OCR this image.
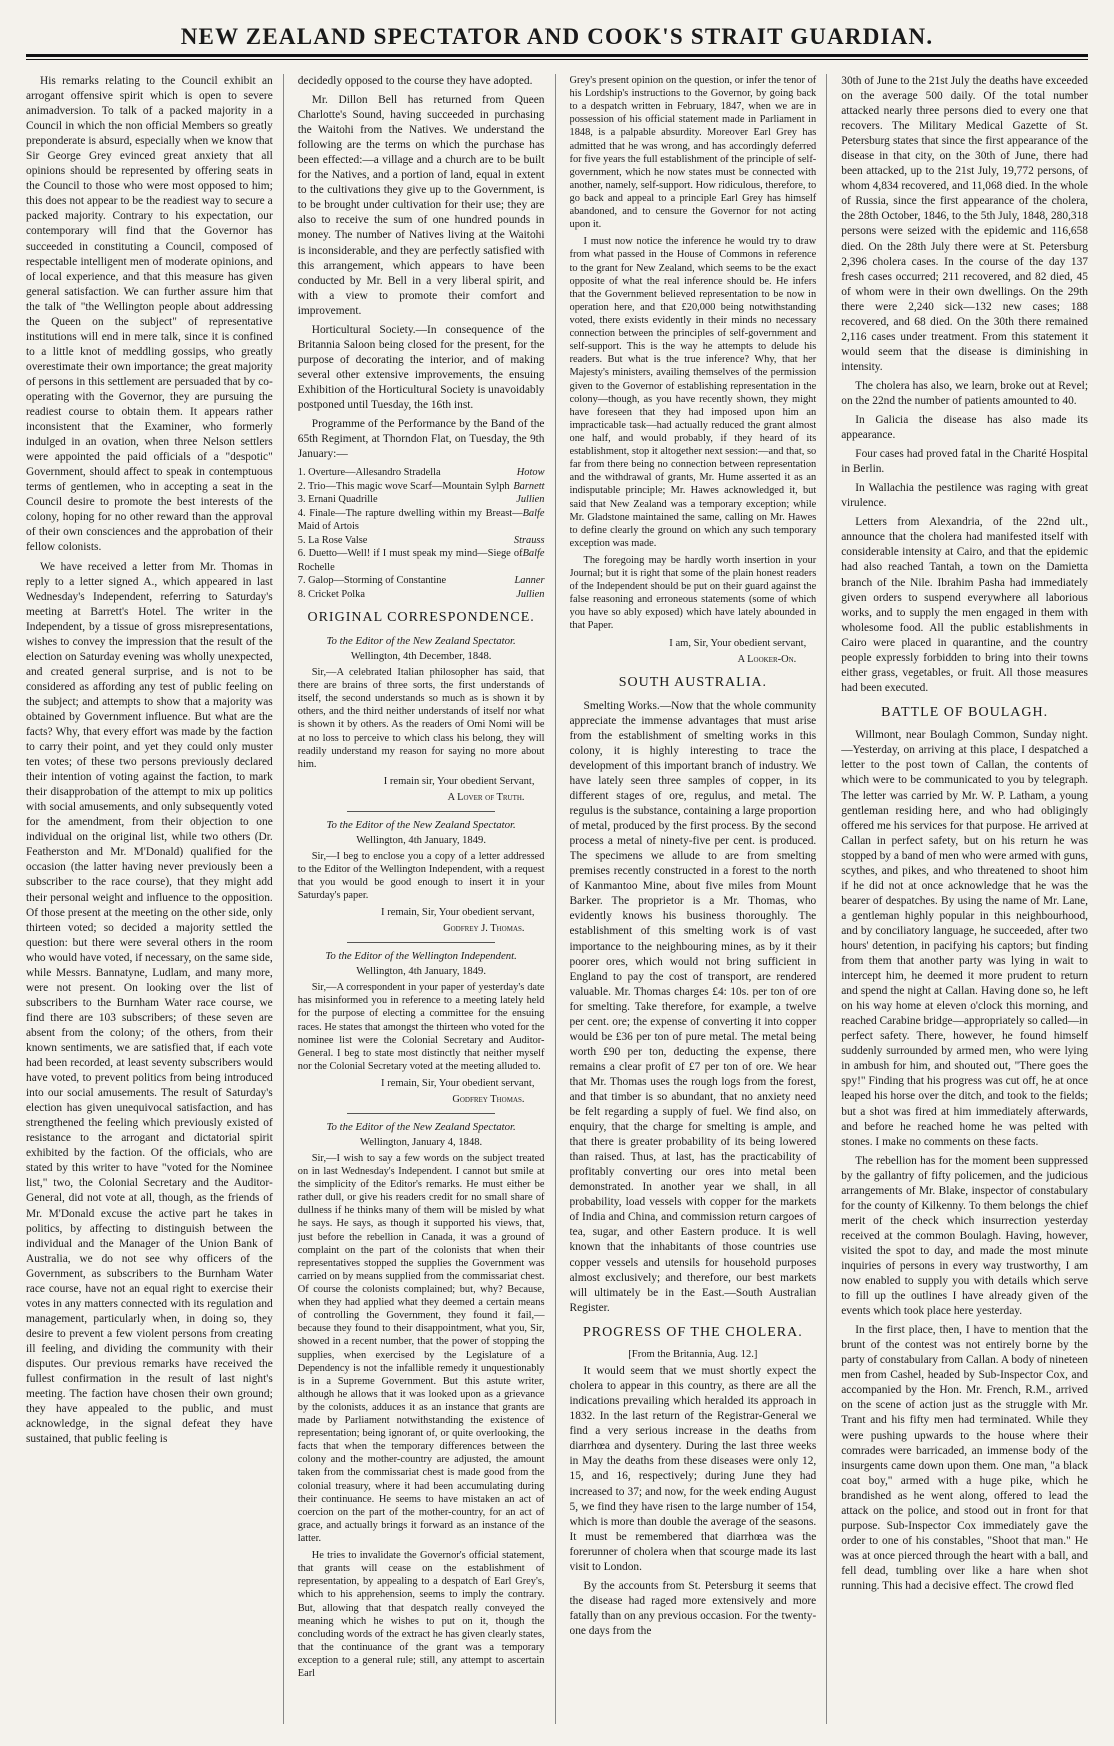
NEW ZEALAND SPECTATOR AND COOK'S STRAIT GUARDIAN.

His remarks relating to the Council exhibit an arrogant offensive spirit which is open to severe animadversion. To talk of a packed majority in a Council in which the non official Members so greatly preponderate is absurd, especially when we know that Sir George Grey evinced great anxiety that all opinions should be represented by offering seats in the Council to those who were most opposed to him; this does not appear to be the readiest way to secure a packed majority. Contrary to his expectation, our contemporary will find that the Governor has succeeded in constituting a Council, composed of respectable intelligent men of moderate opinions, and of local experience, and that this measure has given general satisfaction. We can further assure him that the talk of "the Wellington people about addressing the Queen on the subject" of representative institutions will end in mere talk, since it is confined to a little knot of meddling gossips, who greatly overestimate their own importance; the great majority of persons in this settlement are persuaded that by co-operating with the Governor, they are pursuing the readiest course to obtain them. It appears rather inconsistent that the Examiner, who formerly indulged in an ovation, when three Nelson settlers were appointed the paid officials of a "despotic" Government, should affect to speak in contemptuous terms of gentlemen, who in accepting a seat in the Council desire to promote the best interests of the colony, hoping for no other reward than the approval of their own consciences and the approbation of their fellow colonists.

We have received a letter from Mr. Thomas in reply to a letter signed A., which appeared in last Wednesday's Independent, referring to Saturday's meeting at Barrett's Hotel. The writer in the Independent, by a tissue of gross misrepresentations, wishes to convey the impression that the result of the election on Saturday evening was wholly unexpected, and created general surprise, and is not to be considered as affording any test of public feeling on the subject; and attempts to show that a majority was obtained by Government influence. But what are the facts? Why, that every effort was made by the faction to carry their point, and yet they could only muster ten votes; of these two persons previously declared their intention of voting against the faction, to mark their disapprobation of the attempt to mix up politics with social amusements, and only subsequently voted for the amendment, from their objection to one individual on the original list, while two others (Dr. Featherston and Mr. M'Donald) qualified for the occasion (the latter having never previously been a subscriber to the race course), that they might add their personal weight and influence to the opposition. Of those present at the meeting on the other side, only thirteen voted; so decided a majority settled the question: but there were several others in the room who would have voted, if necessary, on the same side, while Messrs. Bannatyne, Ludlam, and many more, were not present. On looking over the list of subscribers to the Burnham Water race course, we find there are 103 subscribers; of these seven are absent from the colony; of the others, from their known sentiments, we are satisfied that, if each vote had been recorded, at least seventy subscribers would have voted, to prevent politics from being introduced into our social amusements. The result of Saturday's election has given unequivocal satisfaction, and has strengthened the feeling which previously existed of resistance to the arrogant and dictatorial spirit exhibited by the faction. Of the officials, who are stated by this writer to have "voted for the Nominee list," two, the Colonial Secretary and the Auditor-General, did not vote at all, though, as the friends of Mr. M'Donald excuse the active part he takes in politics, by affecting to distinguish between the individual and the Manager of the Union Bank of Australia, we do not see why officers of the Government, as subscribers to the Burnham Water race course, have not an equal right to exercise their votes in any matters connected with its regulation and management, particularly when, in doing so, they desire to prevent a few violent persons from creating ill feeling, and dividing the community with their disputes. Our previous remarks have received the fullest confirmation in the result of last night's meeting. The faction have chosen their own ground; they have appealed to the public, and must acknowledge, in the signal defeat they have sustained, that public feeling is

decidedly opposed to the course they have adopted.

Mr. Dillon Bell has returned from Queen Charlotte's Sound, having succeeded in purchasing the Waitohi from the Natives. We understand the following are the terms on which the purchase has been effected:—a village and a church are to be built for the Natives, and a portion of land, equal in extent to the cultivations they give up to the Government, is to be brought under cultivation for their use; they are also to receive the sum of one hundred pounds in money. The number of Natives living at the Waitohi is inconsiderable, and they are perfectly satisfied with this arrangement, which appears to have been conducted by Mr. Bell in a very liberal spirit, and with a view to promote their comfort and improvement.

Horticultural Society.—In consequence of the Britannia Saloon being closed for the present, for the purpose of decorating the interior, and of making several other extensive improvements, the ensuing Exhibition of the Horticultural Society is unavoidably postponed until Tuesday, the 16th inst.

Programme of the Performance by the Band of the 65th Regiment, at Thorndon Flat, on Tuesday, the 9th January:—

1. Overture—Allesandro Stradella	Hotow
2. Trio—This magic wove Scarf—Mountain Sylph Barnett
3. Ernani Quadrille	Jullien
4. Finale—The rapture dwelling within my Breast—Maid of Artois
Balfe
5. La Rose Valse	Strauss
6. Duetto—Well! if I must speak my mind—Siege of Rochelle
Balfe
7. Galop—Storming of Constantine	Lanner
8. Cricket Polka	Jullien
ORIGINAL CORRESPONDENCE.
To the Editor of the New Zealand Spectator.
Wellington, 4th December, 1848.

Sir,—A celebrated Italian philosopher has said, that there are brains of three sorts, the first understands of itself, the second understands so much as is shown it by others, and the third neither understands of itself nor what is shown it by others. As the readers of Omi Nomi will be at no loss to perceive to which class his belong, they will readily understand my reason for saying no more about him.

I remain sir, Your obedient Servant,
A Lover of Truth.
To the Editor of the New Zealand Spectator.
Wellington, 4th January, 1849.

Sir,—I beg to enclose you a copy of a letter addressed to the Editor of the Wellington Independent, with a request that you would be good enough to insert it in your Saturday's paper.

I remain, Sir, Your obedient servant,
Godfrey J. Thomas.
To the Editor of the Wellington Independent.
Wellington, 4th January, 1849.

Sir,—A correspondent in your paper of yesterday's date has misinformed you in reference to a meeting lately held for the purpose of electing a committee for the ensuing races. He states that amongst the thirteen who voted for the nominee list were the Colonial Secretary and Auditor-General. I beg to state most distinctly that neither myself nor the Colonial Secretary voted at the meeting alluded to.

I remain, Sir, Your obedient servant,
Godfrey Thomas.
To the Editor of the New Zealand Spectator.
Wellington, January 4, 1848.

Sir,—I wish to say a few words on the subject treated on in last Wednesday's Independent. I cannot but smile at the simplicity of the Editor's remarks. He must either be rather dull, or give his readers credit for no small share of dullness if he thinks many of them will be misled by what he says. He says, as though it supported his views, that, just before the rebellion in Canada, it was a ground of complaint on the part of the colonists that when their representatives stopped the supplies the Government was carried on by means supplied from the commissariat chest. Of course the colonists complained; but, why? Because, when they had applied what they deemed a certain means of controlling the Government, they found it fail,—because they found to their disappointment, what you, Sir, showed in a recent number, that the power of stopping the supplies, when exercised by the Legislature of a Dependency is not the infallible remedy it unquestionably is in a Supreme Government. But this astute writer, although he allows that it was looked upon as a grievance by the colonists, adduces it as an instance that grants are made by Parliament notwithstanding the existence of representation; being ignorant of, or quite overlooking, the facts that when the temporary differences between the colony and the mother-country are adjusted, the amount taken from the commissariat chest is made good from the colonial treasury, where it had been accumulating during their continuance. He seems to have mistaken an act of coercion on the part of the mother-country, for an act of grace, and actually brings it forward as an instance of the latter.

He tries to invalidate the Governor's official statement, that grants will cease on the establishment of representation, by appealing to a despatch of Earl Grey's, which to his apprehension, seems to imply the contrary. But, allowing that that despatch really conveyed the meaning which he wishes to put on it, though the concluding words of the extract he has given clearly states, that the continuance of the grant was a temporary exception to a general rule; still, any attempt to ascertain Earl

Grey's present opinion on the question, or infer the tenor of his Lordship's instructions to the Governor, by going back to a despatch written in February, 1847, when we are in possession of his official statement made in Parliament in 1848, is a palpable absurdity. Moreover Earl Grey has admitted that he was wrong, and has accordingly deferred for five years the full establishment of the principle of self-government, which he now states must be connected with another, namely, self-support. How ridiculous, therefore, to go back and appeal to a principle Earl Grey has himself abandoned, and to censure the Governor for not acting upon it.

I must now notice the inference he would try to draw from what passed in the House of Commons in reference to the grant for New Zealand, which seems to be the exact opposite of what the real inference should be. He infers that the Government believed representation to be now in operation here, and that £20,000 being notwithstanding voted, there exists evidently in their minds no necessary connection between the principles of self-government and self-support. This is the way he attempts to delude his readers. But what is the true inference? Why, that her Majesty's ministers, availing themselves of the permission given to the Governor of establishing representation in the colony—though, as you have recently shown, they might have foreseen that they had imposed upon him an impracticable task—had actually reduced the grant almost one half, and would probably, if they heard of its establishment, stop it altogether next session:—and that, so far from there being no connection between representation and the withdrawal of grants, Mr. Hume asserted it as an indisputable principle; Mr. Hawes acknowledged it, but said that New Zealand was a temporary exception; while Mr. Gladstone maintained the same, calling on Mr. Hawes to define clearly the ground on which any such temporary exception was made.

The foregoing may be hardly worth insertion in your Journal; but it is right that some of the plain honest readers of the Independent should be put on their guard against the false reasoning and erroneous statements (some of which you have so ably exposed) which have lately abounded in that Paper.

I am, Sir, Your obedient servant,
A Looker-On.
SOUTH AUSTRALIA.

Smelting Works.—Now that the whole community appreciate the immense advantages that must arise from the establishment of smelting works in this colony, it is highly interesting to trace the development of this important branch of industry. We have lately seen three samples of copper, in its different stages of ore, regulus, and metal. The regulus is the substance, containing a large proportion of metal, produced by the first process. By the second process a metal of ninety-five per cent. is produced. The specimens we allude to are from smelting premises recently constructed in a forest to the north of Kanmantoo Mine, about five miles from Mount Barker. The proprietor is a Mr. Thomas, who evidently knows his business thoroughly. The establishment of this smelting work is of vast importance to the neighbouring mines, as by it their poorer ores, which would not bring sufficient in England to pay the cost of transport, are rendered valuable. Mr. Thomas charges £4: 10s. per ton of ore for smelting. Take therefore, for example, a twelve per cent. ore; the expense of converting it into copper would be £36 per ton of pure metal. The metal being worth £90 per ton, deducting the expense, there remains a clear profit of £7 per ton of ore. We hear that Mr. Thomas uses the rough logs from the forest, and that timber is so abundant, that no anxiety need be felt regarding a supply of fuel. We find also, on enquiry, that the charge for smelting is ample, and that there is greater probability of its being lowered than raised. Thus, at last, has the practicability of profitably converting our ores into metal been demonstrated. In another year we shall, in all probability, load vessels with copper for the markets of India and China, and commission return cargoes of tea, sugar, and other Eastern produce. It is well known that the inhabitants of those countries use copper vessels and utensils for household purposes almost exclusively; and therefore, our best markets will ultimately be in the East.—South Australian Register.

PROGRESS OF THE CHOLERA.
[From the Britannia, Aug. 12.]

It would seem that we must shortly expect the cholera to appear in this country, as there are all the indications prevailing which heralded its approach in 1832. In the last return of the Registrar-General we find a very serious increase in the deaths from diarrhœa and dysentery. During the last three weeks in May the deaths from these diseases were only 12, 15, and 16, respectively; during June they had increased to 37; and now, for the week ending August 5, we find they have risen to the large number of 154, which is more than double the average of the seasons. It must be remembered that diarrhœa was the forerunner of cholera when that scourge made its last visit to London.

By the accounts from St. Petersburg it seems that the disease had raged more extensively and more fatally than on any previous occasion. For the twenty-one days from the

30th of June to the 21st July the deaths have exceeded on the average 500 daily. Of the total number attacked nearly three persons died to every one that recovers. The Military Medical Gazette of St. Petersburg states that since the first appearance of the disease in that city, on the 30th of June, there had been attacked, up to the 21st July, 19,772 persons, of whom 4,834 recovered, and 11,068 died. In the whole of Russia, since the first appearance of the cholera, the 28th October, 1846, to the 5th July, 1848, 280,318 persons were seized with the epidemic and 116,658 died. On the 28th July there were at St. Petersburg 2,396 cholera cases. In the course of the day 137 fresh cases occurred; 211 recovered, and 82 died, 45 of whom were in their own dwellings. On the 29th there were 2,240 sick—132 new cases; 188 recovered, and 68 died. On the 30th there remained 2,116 cases under treatment. From this statement it would seem that the disease is diminishing in intensity.

The cholera has also, we learn, broke out at Revel; on the 22nd the number of patients amounted to 40.

In Galicia the disease has also made its appearance.

Four cases had proved fatal in the Charité Hospital in Berlin.

In Wallachia the pestilence was raging with great virulence.

Letters from Alexandria, of the 22nd ult., announce that the cholera had manifested itself with considerable intensity at Cairo, and that the epidemic had also reached Tantah, a town on the Damietta branch of the Nile. Ibrahim Pasha had immediately given orders to suspend everywhere all laborious works, and to supply the men engaged in them with wholesome food. All the public establishments in Cairo were placed in quarantine, and the country people expressly forbidden to bring into their towns either grass, vegetables, or fruit. All those measures had been executed.

BATTLE OF BOULAGH.

Willmont, near Boulagh Common, Sunday night.—Yesterday, on arriving at this place, I despatched a letter to the post town of Callan, the contents of which were to be communicated to you by telegraph. The letter was carried by Mr. W. P. Latham, a young gentleman residing here, and who had obligingly offered me his services for that purpose. He arrived at Callan in perfect safety, but on his return he was stopped by a band of men who were armed with guns, scythes, and pikes, and who threatened to shoot him if he did not at once acknowledge that he was the bearer of despatches. By using the name of Mr. Lane, a gentleman highly popular in this neighbourhood, and by conciliatory language, he succeeded, after two hours' detention, in pacifying his captors; but finding from them that another party was lying in wait to intercept him, he deemed it more prudent to return and spend the night at Callan. Having done so, he left on his way home at eleven o'clock this morning, and reached Carabine bridge—appropriately so called—in perfect safety. There, however, he found himself suddenly surrounded by armed men, who were lying in ambush for him, and shouted out, "There goes the spy!" Finding that his progress was cut off, he at once leaped his horse over the ditch, and took to the fields; but a shot was fired at him immediately afterwards, and before he reached home he was pelted with stones. I make no comments on these facts.

The rebellion has for the moment been suppressed by the gallantry of fifty policemen, and the judicious arrangements of Mr. Blake, inspector of constabulary for the county of Kilkenny. To them belongs the chief merit of the check which insurrection yesterday received at the common Boulagh. Having, however, visited the spot to day, and made the most minute inquiries of persons in every way trustworthy, I am now enabled to supply you with details which serve to fill up the outlines I have already given of the events which took place here yesterday.

In the first place, then, I have to mention that the brunt of the contest was not entirely borne by the party of constabulary from Callan. A body of nineteen men from Cashel, headed by Sub-Inspector Cox, and accompanied by the Hon. Mr. French, R.M., arrived on the scene of action just as the struggle with Mr. Trant and his fifty men had terminated. While they were pushing upwards to the house where their comrades were barricaded, an immense body of the insurgents came down upon them. One man, "a black coat boy," armed with a huge pike, which he brandished as he went along, offered to lead the attack on the police, and stood out in front for that purpose. Sub-Inspector Cox immediately gave the order to one of his constables, "Shoot that man." He was at once pierced through the heart with a ball, and fell dead, tumbling over like a hare when shot running. This had a decisive effect. The crowd fled
